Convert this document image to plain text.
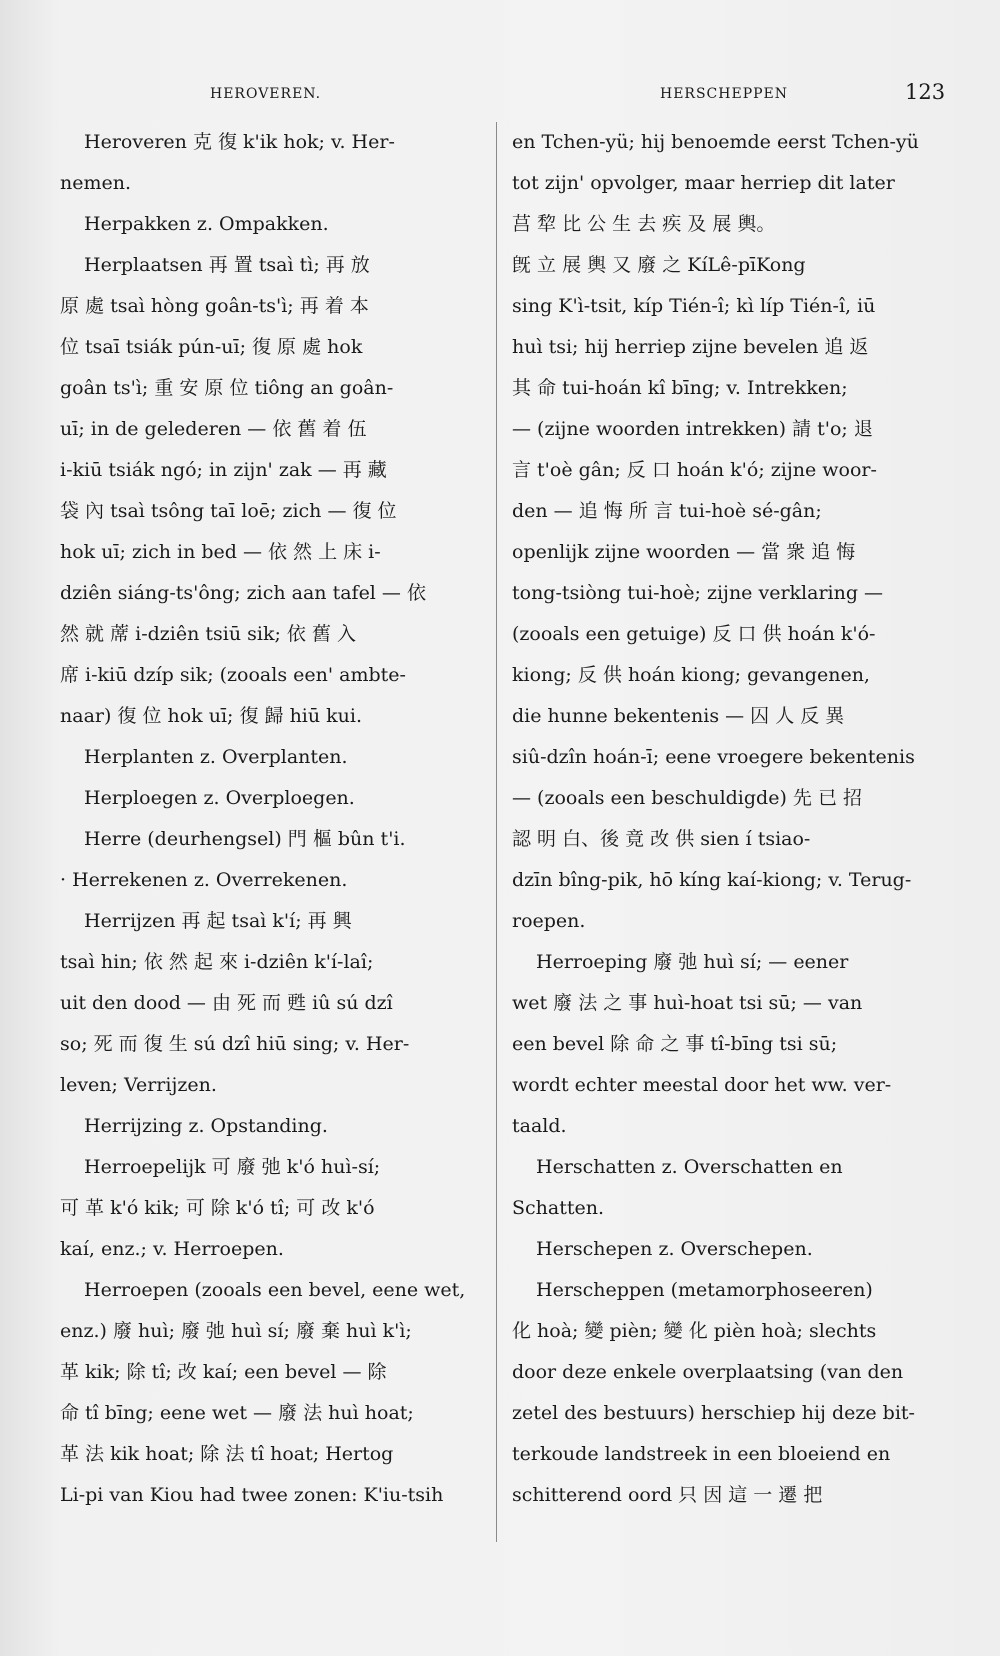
HEROVEREN.	HERSCHEPPEN	123
Heroveren 克 復 k'ik hok; v. Her-
nemen.
Herpakken z. Ompakken.
Herplaatsen 再 置 tsaì tì; 再 放
原 處 tsaì hòng goân-ts'ì; 再 着 本
位 tsaī tsiák pún-uī; 復 原 處 hok
goân ts'ì; 重 安 原 位 tiông an goân-
uī; in de gelederen — 依 舊 着 伍
i-kiū tsiák ngó; in zijn' zak — 再 藏
袋 內 tsaì tsông taī loē; zich — 復 位
hok uī; zich in bed — 依 然 上 床 i-
dziên siáng-ts'ông; zich aan tafel — 依
然 就 蓆 i-dziên tsiū sik; 依 舊 入
席 i-kiū dzíp sik; (zooals een' ambte-
naar) 復 位 hok uī; 復 歸 hiū kui.
Herplanten z. Overplanten.
Herploegen z. Overploegen.
Herre (deurhengsel) 門 樞 bûn t'i.
· Herrekenen z. Overrekenen.
Herrijzen 再 起 tsaì k'í; 再 興
tsaì hin; 依 然 起 來 i-dziên k'í-laî;
uit den dood — 由 死 而 甦 iû sú dzî
so; 死 而 復 生 sú dzî hiū sing; v. Her-
leven; Verrijzen.
Herrijzing z. Opstanding.
Herroepelijk 可 廢 弛 k'ó huì-sí;
可 革 k'ó kik; 可 除 k'ó tî; 可 改 k'ó
kaí, enz.; v. Herroepen.
Herroepen (zooals een bevel, eene wet,
enz.) 廢 huì; 廢 弛 huì sí; 廢 棄 huì k'ì;
革 kik; 除 tî; 改 kaí; een bevel — 除
命 tî bīng; eene wet — 廢 法 huì hoat;
革 法 kik hoat; 除 法 tî hoat; Hertog
Li-pi van Kiou had twee zonen: K'iu-tsih
en Tchen-yü; hij benoemde eerst Tchen-yü
tot zijn' opvolger, maar herriep dit later
莒 犂 比 公 生 去 疾 及 展 輿。
旣 立 展 輿 又 廢 之 KíLê-pīKong
sing K'ì-tsit, kíp Tién-î; kì líp Tién-î, iū
huì tsi; hij herriep zijne bevelen 追 返
其 命 tui-hoán kî bīng; v. Intrekken;
— (zijne woorden intrekken) 請 t'o; 退
言 t'oè gân; 反 口 hoán k'ó; zijne woor-
den — 追 悔 所 言 tui-hoè sé-gân;
openlijk zijne woorden — 當 衆 追 悔
tong-tsiòng tui-hoè; zijne verklaring —
(zooals een getuige) 反 口 供 hoán k'ó-
kiong; 反 供 hoán kiong; gevangenen,
die hunne bekentenis — 囚 人 反 異
siû-dzîn hoán-ī; eene vroegere bekentenis
— (zooals een beschuldigde) 先 已 招
認 明 白、後 竟 改 供 sien í tsiao-
dzīn bîng-pik, hō kíng kaí-kiong; v. Terug-
roepen.
Herroeping 廢 弛 huì sí; — eener
wet 廢 法 之 事 huì-hoat tsi sū; — van
een bevel 除 命 之 事 tî-bīng tsi sū;
wordt echter meestal door het ww. ver-
taald.
Herschatten z. Overschatten en
Schatten.
Herschepen z. Overschepen.
Herscheppen (metamorphoseeren)
化 hoà; 變 pièn; 變 化 pièn hoà; slechts
door deze enkele overplaatsing (van den
zetel des bestuurs) herschiep hij deze bit-
terkoude landstreek in een bloeiend en
schitterend oord 只 因 這 一 遷 把
